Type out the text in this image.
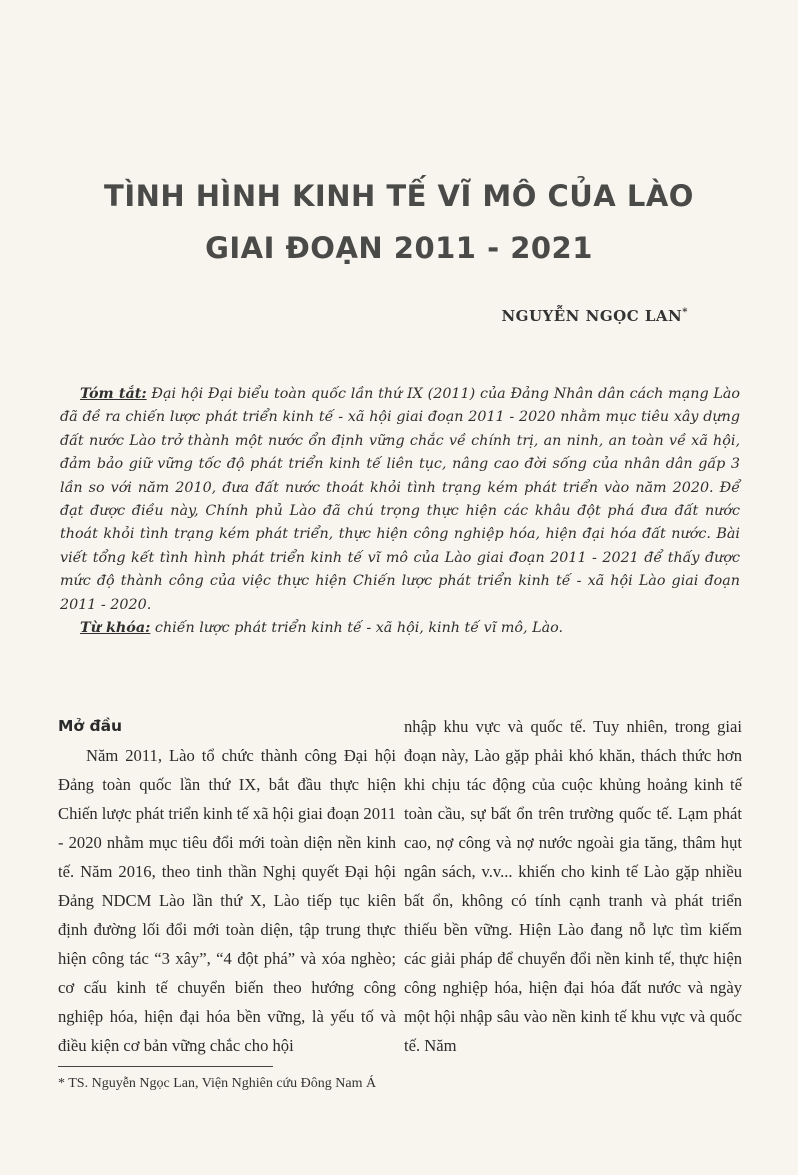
TÌNH HÌNH KINH TẾ VĨ MÔ CỦA LÀO
GIAI ĐOẠN 2011 - 2021
NGUYỄN NGỌC LAN*

Tóm tắt: Đại hội Đại biểu toàn quốc lần thứ IX (2011) của Đảng Nhân dân cách mạng Lào đã đề ra chiến lược phát triển kinh tế - xã hội giai đoạn 2011 - 2020 nhằm mục tiêu xây dựng đất nước Lào trở thành một nước ổn định vững chắc về chính trị, an ninh, an toàn về xã hội, đảm bảo giữ vững tốc độ phát triển kinh tế liên tục, nâng cao đời sống của nhân dân gấp 3 lần so với năm 2010, đưa đất nước thoát khỏi tình trạng kém phát triển vào năm 2020. Để đạt được điều này, Chính phủ Lào đã chú trọng thực hiện các khâu đột phá đưa đất nước thoát khỏi tình trạng kém phát triển, thực hiện công nghiệp hóa, hiện đại hóa đất nước. Bài viết tổng kết tình hình phát triển kinh tế vĩ mô của Lào giai đoạn 2011 - 2021 để thấy được mức độ thành công của việc thực hiện Chiến lược phát triển kinh tế - xã hội Lào giai đoạn 2011 - 2020.

Từ khóa: chiến lược phát triển kinh tế - xã hội, kinh tế vĩ mô, Lào.

Mở đầu

Năm 2011, Lào tổ chức thành công Đại hội Đảng toàn quốc lần thứ IX, bắt đầu thực hiện Chiến lược phát triển kinh tế xã hội giai đoạn 2011 - 2020 nhằm mục tiêu đổi mới toàn diện nền kinh tế. Năm 2016, theo tinh thần Nghị quyết Đại hội Đảng NDCM Lào lần thứ X, Lào tiếp tục kiên định đường lối đổi mới toàn diện, tập trung thực hiện công tác “3 xây”, “4 đột phá” và xóa nghèo; cơ cấu kinh tế chuyển biến theo hướng công nghiệp hóa, hiện đại hóa bền vững, là yếu tố và điều kiện cơ bản vững chắc cho hội

nhập khu vực và quốc tế. Tuy nhiên, trong giai đoạn này, Lào gặp phải khó khăn, thách thức hơn khi chịu tác động của cuộc khủng hoảng kinh tế toàn cầu, sự bất ổn trên trường quốc tế. Lạm phát cao, nợ công và nợ nước ngoài gia tăng, thâm hụt ngân sách, v.v... khiến cho kinh tế Lào gặp nhiều bất ổn, không có tính cạnh tranh và phát triển thiếu bền vững. Hiện Lào đang nỗ lực tìm kiếm các giải pháp để chuyển đổi nền kinh tế, thực hiện công nghiệp hóa, hiện đại hóa đất nước và ngày một hội nhập sâu vào nền kinh tế khu vực và quốc tế. Năm

* TS. Nguyễn Ngọc Lan, Viện Nghiên cứu Đông Nam Á
